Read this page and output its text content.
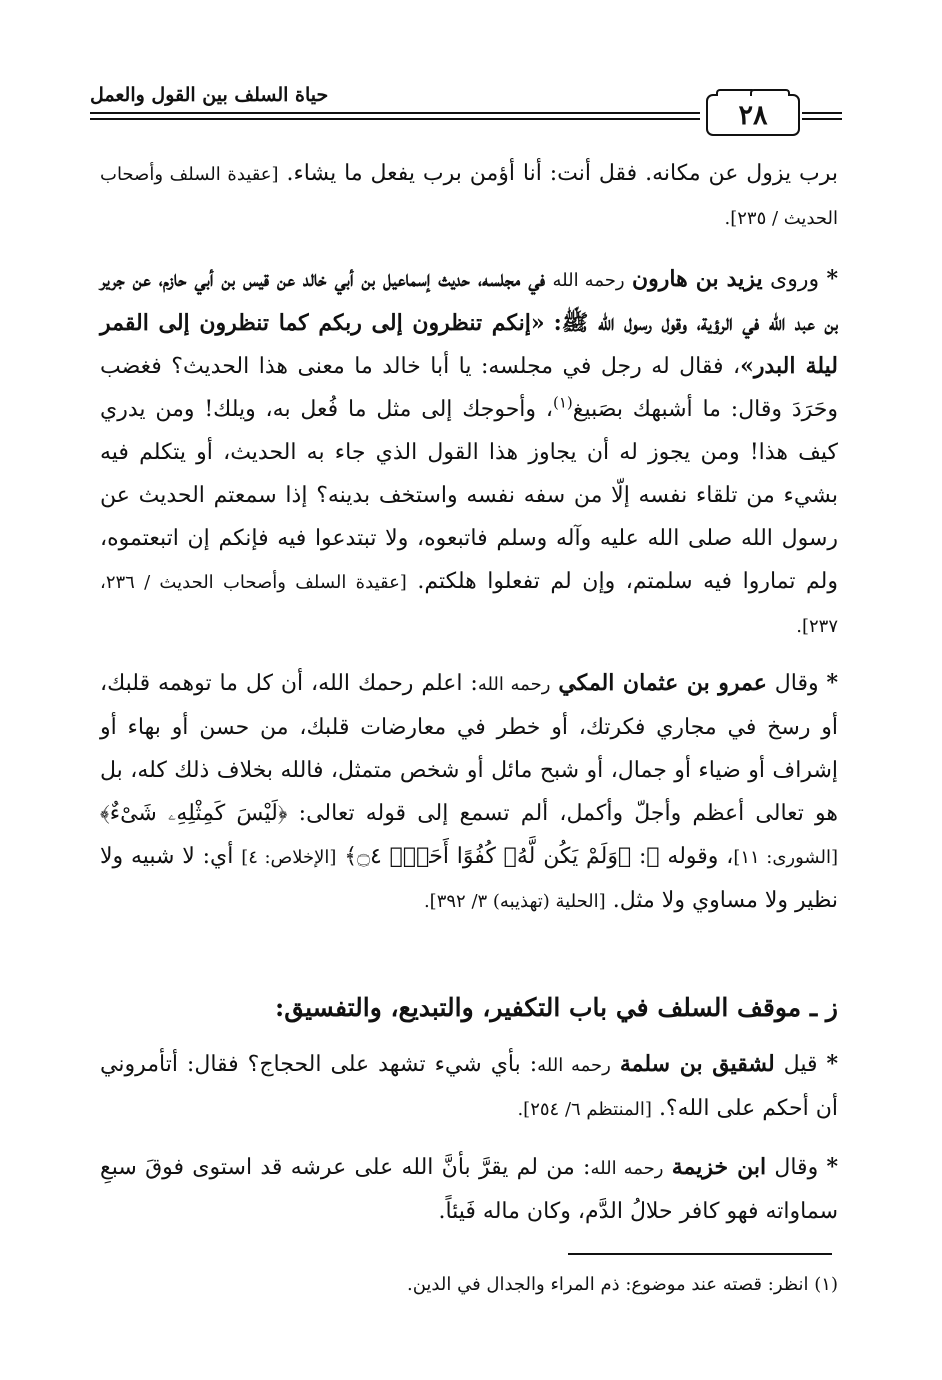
حياة السلف بين القول والعمل
٢٨

برب يزول عن مكانه. فقل أنت: أنا أؤمن برب يفعل ما يشاء. [عقيدة السلف وأصحاب الحديث / ٢٣٥].

* وروى يزيد بن هارون رحمه الله في مجلسه، حديث إسماعيل بن أبي خالد عن قيس بن أبي حازم، عن جرير بن عبد الله في الرؤية، وقول رسول الله ﷺ: «إنكم تنظرون إلى ربكم كما تنظرون إلى القمر ليلة البدر»، فقال له رجل في مجلسه: يا أبا خالد ما معنى هذا الحديث؟ فغضب وحَرَدَ وقال: ما أشبهك بصَبيغ$^{(١)}$، وأحوجك إلى مثل ما فُعل به، ويلك! ومن يدري كيف هذا! ومن يجوز له أن يجاوز هذا القول الذي جاء به الحديث، أو يتكلم فيه بشيء من تلقاء نفسه إلّا من سفه نفسه واستخف بدينه؟ إذا سمعتم الحديث عن رسول الله صلى الله عليه وآله وسلم فاتبعوه، ولا تبتدعوا فيه فإنكم إن اتبعتموه، ولم تماروا فيه سلمتم، وإن لم تفعلوا هلكتم. [عقيدة السلف وأصحاب الحديث / ٢٣٦، ٢٣٧].

* وقال عمرو بن عثمان المكي رحمه الله: اعلم رحمك الله، أن كل ما توهمه قلبك، أو رسخ في مجاري فكرتك، أو خطر في معارضات قلبك، من حسن أو بهاء أو إشراف أو ضياء أو جمال، أو شبح مائل أو شخص متمثل، فالله بخلاف ذلك كله، بل هو تعالى أعظم وأجلّ وأكمل، ألم تسمع إلى قوله تعالى: ﴿لَيْسَ كَمِثْلِهِۦ شَىْءٌ﴾ [الشورى: ١١]، وقوله ﷻ: ﴿وَلَمْ يَكُن لَّهُۥ كُفُوًا أَحَدٌۢ ۝٤﴾ [الإخلاص: ٤] أي: لا شبيه ولا نظير ولا مساوي ولا مثل. [الحلية (تهذيبه) ٣/ ٣٩٢].

ز ـ موقف السلف في باب التكفير، والتبديع، والتفسيق:

* قيل لشقيق بن سلمة رحمه الله: بأي شيء تشهد على الحجاج؟ فقال: أتأمروني أن أحكم على الله؟. [المنتظم ٦/ ٢٥٤].

* وقال ابن خزيمة رحمه الله: من لم يقرَّ بأنَّ الله على عرشه قد استوى فوقَ سبعِ سماواته فهو كافر حلالُ الدَّم، وكان ماله فَيئاً.

(١) انظر: قصته عند موضوع: ذم المراء والجدال في الدين.
